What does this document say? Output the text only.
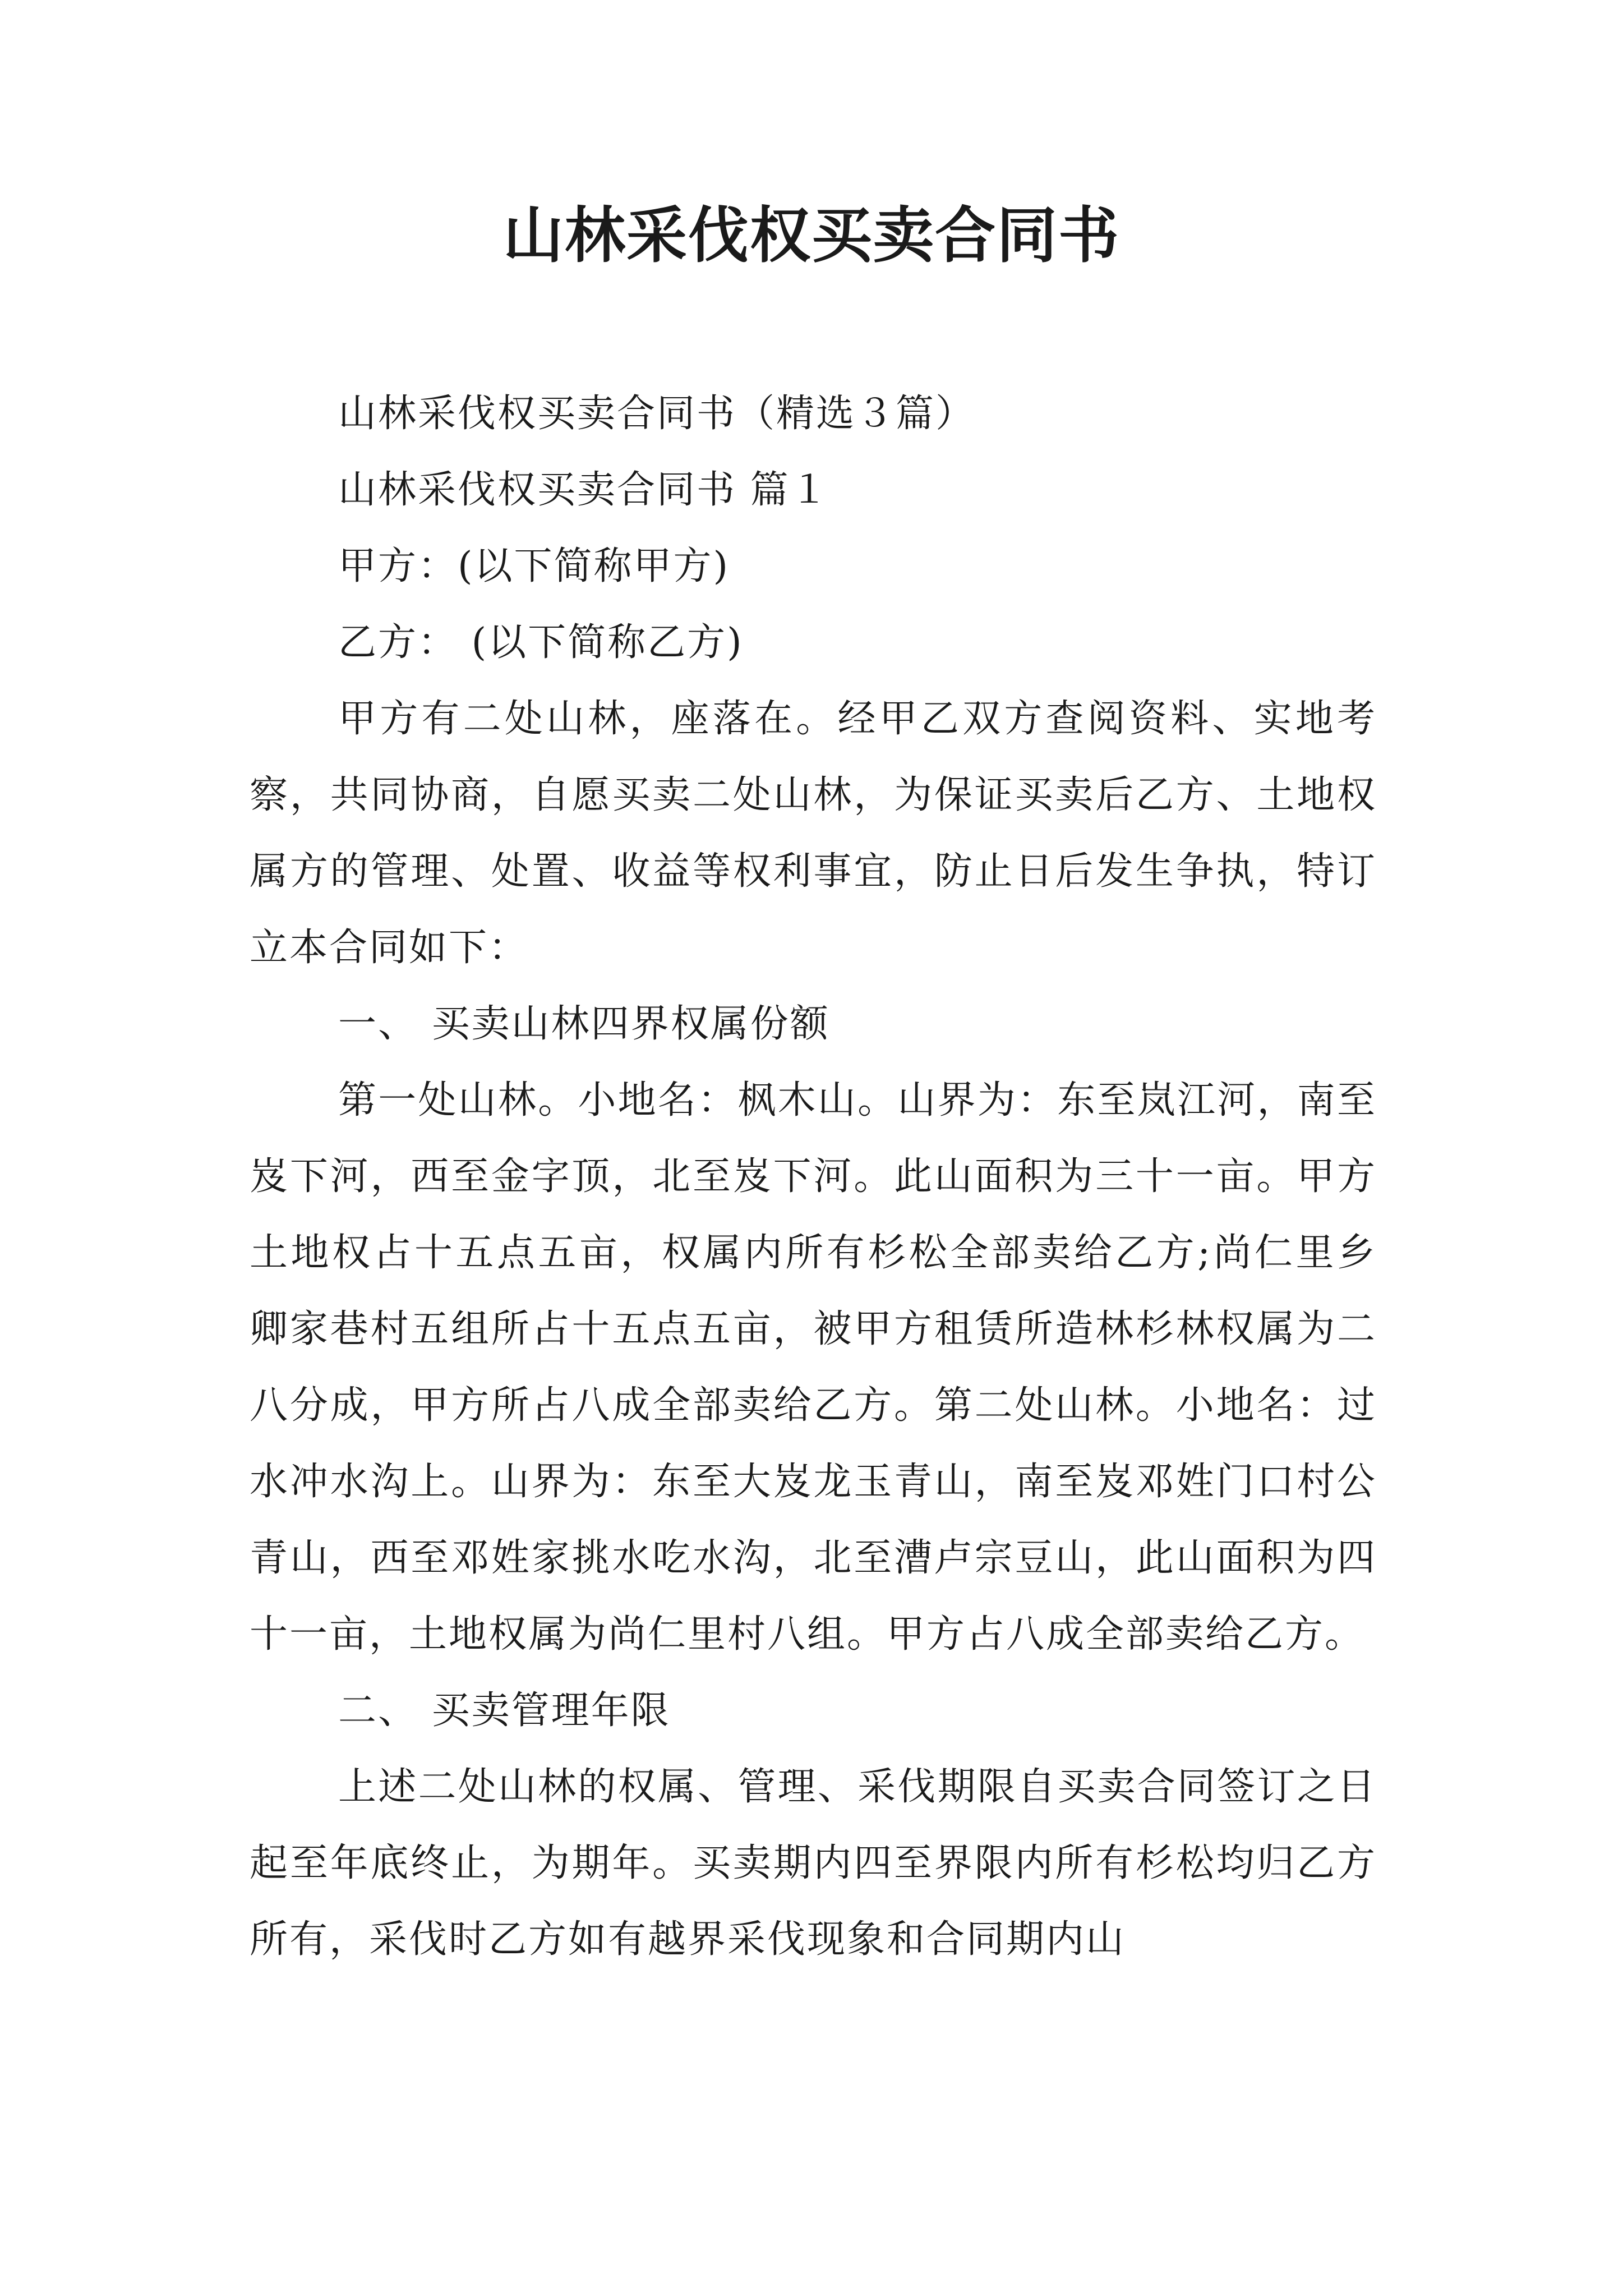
山林采伐权买卖合同书

山林采伐权买卖合同书（精选３篇）

山林采伐权买卖合同书 篇１

甲方：(以下简称甲方)

乙方： (以下简称乙方)

甲方有二处山林，座落在。经甲乙双方查阅资料、实地考察，共同协商，自愿买卖二处山林，为保证买卖后乙方、土地权属方的管理、处置、收益等权利事宜，防止日后发生争执，特订立本合同如下：

一、 买卖山林四界权属份额

第一处山林。小地名：枫木山。山界为：东至岚江河，南至岌下河，西至金字顶，北至岌下河。此山面积为三十一亩。甲方土地权占十五点五亩，权属内所有杉松全部卖给乙方;尚仁里乡卿家巷村五组所占十五点五亩，被甲方租赁所造林杉林权属为二八分成，甲方所占八成全部卖给乙方。第二处山林。小地名：过水冲水沟上。山界为：东至大岌龙玉青山，南至岌邓姓门口村公青山，西至邓姓家挑水吃水沟，北至漕卢宗豆山，此山面积为四十一亩，土地权属为尚仁里村八组。甲方占八成全部卖给乙方。

二、 买卖管理年限

上述二处山林的权属、管理、采伐期限自买卖合同签订之日起至年底终止，为期年。买卖期内四至界限内所有杉松均归乙方所有，采伐时乙方如有越界采伐现象和合同期内山
